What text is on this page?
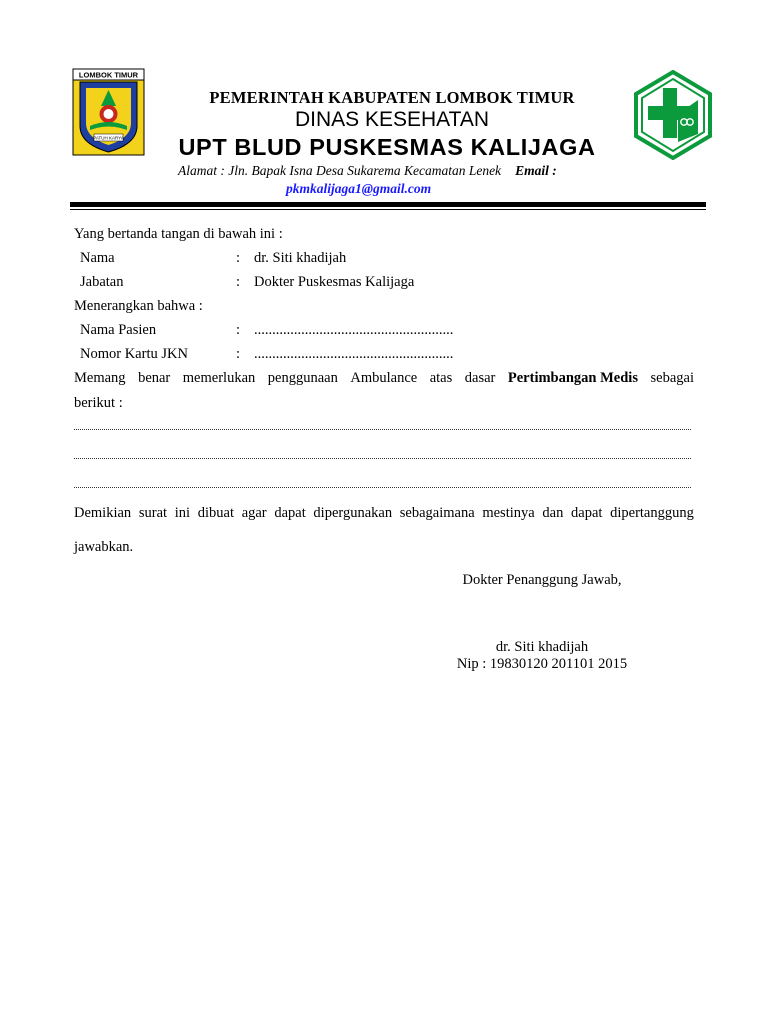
LOMBOK TIMUR
PATUH KARYA
PEMERINTAH KABUPATEN LOMBOK TIMUR
DINAS KESEHATAN
UPT BLUD PUSKESMAS KALIJAGA
Alamat : Jln. Bapak Isna Desa Sukarema Kecamatan Lenek Email :
pkmkalijaga1@gmail.com
Yang bertanda tangan di bawah ini :
Nama	: dr. Siti khadijah
Jabatan	: Dokter Puskesmas Kalijaga
Menerangkan bahwa :
Nama Pasien	: .......................................................
Nomor Kartu JKN	: .......................................................
Memang benar memerlukan penggunaan Ambulance atas dasar Pertimbangan Medis sebagai
berikut :
Demikian surat ini dibuat agar dapat dipergunakan sebagaimana mestinya dan dapat dipertanggung
jawabkan.
Dokter Penanggung Jawab,
dr. Siti khadijah
Nip : 19830120 201101 2015
